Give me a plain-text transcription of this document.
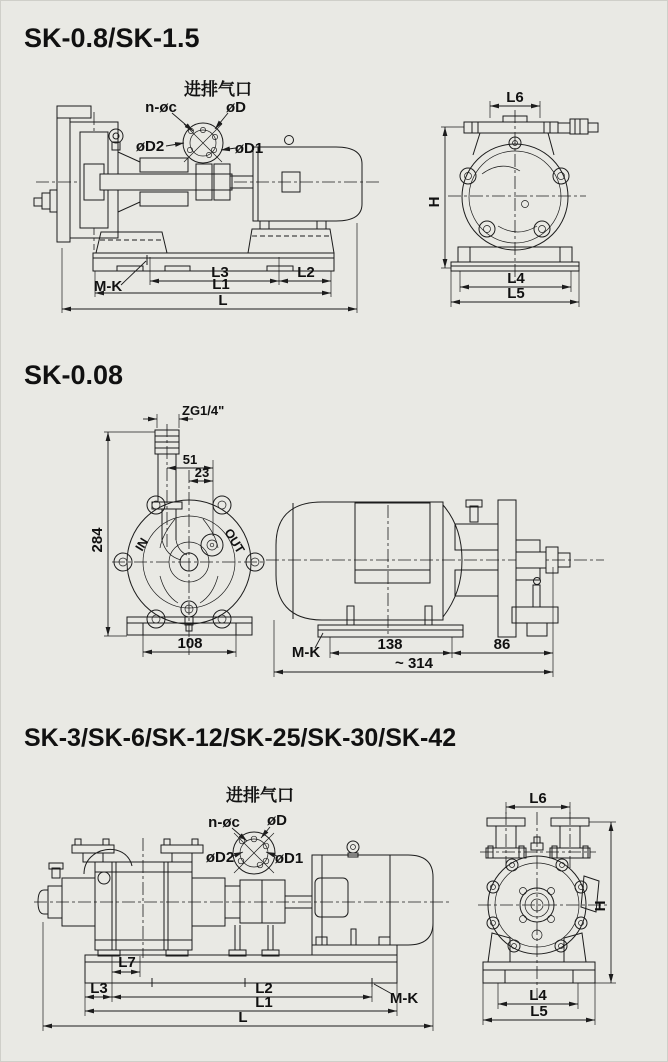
SK-0.8/SK-1.5
进排气口
n-øc	øD
øD2	øD1
L3	L2
L1
L
M-K
L6
H
L4
L5
SK-0.08
IN	OUT
ZG1/4"
51
23
284
108
M-K	138	86
~ 314
SK-3/SK-6/SK-12/SK-25/SK-30/SK-42
进排气口
n-øc øD
øD2	øD1
L7
L3	L2
L1
L
M-K
L6
H
L4
L5
